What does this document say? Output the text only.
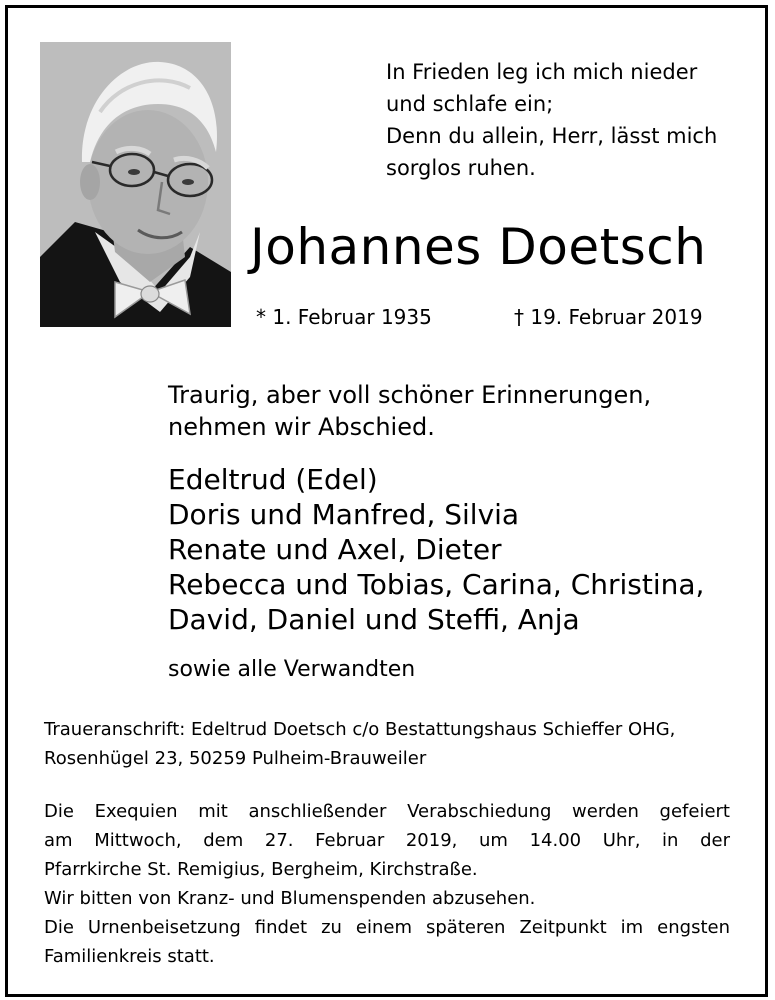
In Frieden leg ich mich nieder
und schlafe ein;
Denn du allein, Herr, lässt mich
sorglos ruhen.
Johannes Doetsch
* 1. Februar 1935	† 19. Februar 2019
Traurig, aber voll schöner Erinnerungen,
nehmen wir Abschied.
Edeltrud (Edel)
Doris und Manfred, Silvia
Renate und Axel, Dieter
Rebecca und Tobias, Carina, Christina,
David, Daniel und Steffi, Anja
sowie alle Verwandten
Traueranschrift: Edeltrud Doetsch c/o Bestattungshaus Schieffer OHG,
Rosenhügel 23, 50259 Pulheim-Brauweiler
Die Exequien mit anschließender Verabschiedung werden gefeiert
am Mittwoch, dem 27. Februar 2019, um 14.00 Uhr, in der
Pfarrkirche St. Remigius, Bergheim, Kirchstraße.
Wir bitten von Kranz- und Blumenspenden abzusehen.
Die Urnenbeisetzung findet zu einem späteren Zeitpunkt im engsten
Familienkreis statt.
